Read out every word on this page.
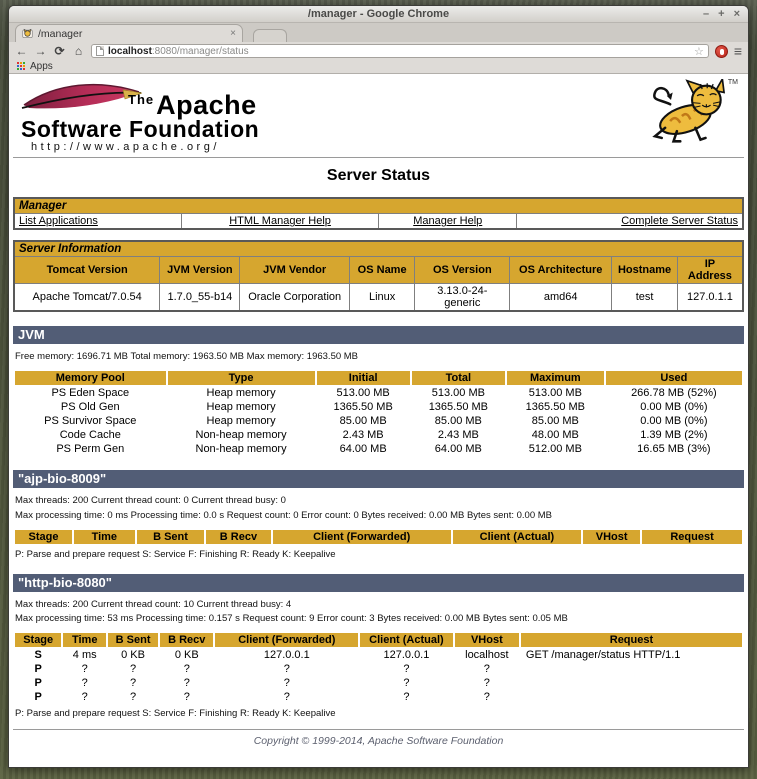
/manager - Google Chrome	– + ×
/manager	×
← → ⟳ ⌂	localhost:8080/manager/status	☆ ≡
Apps
The Apache
Software Foundation
http://www.apache.org/
TM
Server Status
Manager
List Applications	HTML Manager Help	Manager Help	Complete Server Status
Server Information							
Tomcat Version	JVM Version	JVM Vendor	OS Name	OS Version	OS Architecture	Hostname	IP Address
Apache Tomcat/7.0.54	1.7.0_55-b14	Oracle Corporation	Linux	3.13.0-24-generic	amd64	test	127.0.1.1
JVM
Free memory: 1696.71 MB Total memory: 1963.50 MB Max memory: 1963.50 MB
Memory Pool	Type	Initial	Total	Maximum	Used
PS Eden Space	Heap memory	513.00 MB	513.00 MB	513.00 MB	266.78 MB (52%)
PS Old Gen	Heap memory	1365.50 MB	1365.50 MB	1365.50 MB	0.00 MB (0%)
PS Survivor Space	Heap memory	85.00 MB	85.00 MB	85.00 MB	0.00 MB (0%)
Code Cache	Non-heap memory	2.43 MB	2.43 MB	48.00 MB	1.39 MB (2%)
PS Perm Gen	Non-heap memory	64.00 MB	64.00 MB	512.00 MB	16.65 MB (3%)
"ajp-bio-8009"
Max threads: 200 Current thread count: 0 Current thread busy: 0
Max processing time: 0 ms Processing time: 0.0 s Request count: 0 Error count: 0 Bytes received: 0.00 MB Bytes sent: 0.00 MB
Stage	Time	B Sent	B Recv	Client (Forwarded)	Client (Actual)	VHost	Request
P: Parse and prepare request S: Service F: Finishing R: Ready K: Keepalive
"http-bio-8080"
Max threads: 200 Current thread count: 10 Current thread busy: 4
Max processing time: 53 ms Processing time: 0.157 s Request count: 9 Error count: 3 Bytes received: 0.00 MB Bytes sent: 0.05 MB
Stage	Time	B Sent	B Recv	Client (Forwarded)	Client (Actual)	VHost	Request
S	4 ms	0 KB	0 KB	127.0.0.1	127.0.0.1	localhost	GET /manager/status HTTP/1.1
P	?	?	?	?	?	?	
P	?	?	?	?	?	?	
P	?	?	?	?	?	?	
P: Parse and prepare request S: Service F: Finishing R: Ready K: Keepalive
Copyright © 1999-2014, Apache Software Foundation
